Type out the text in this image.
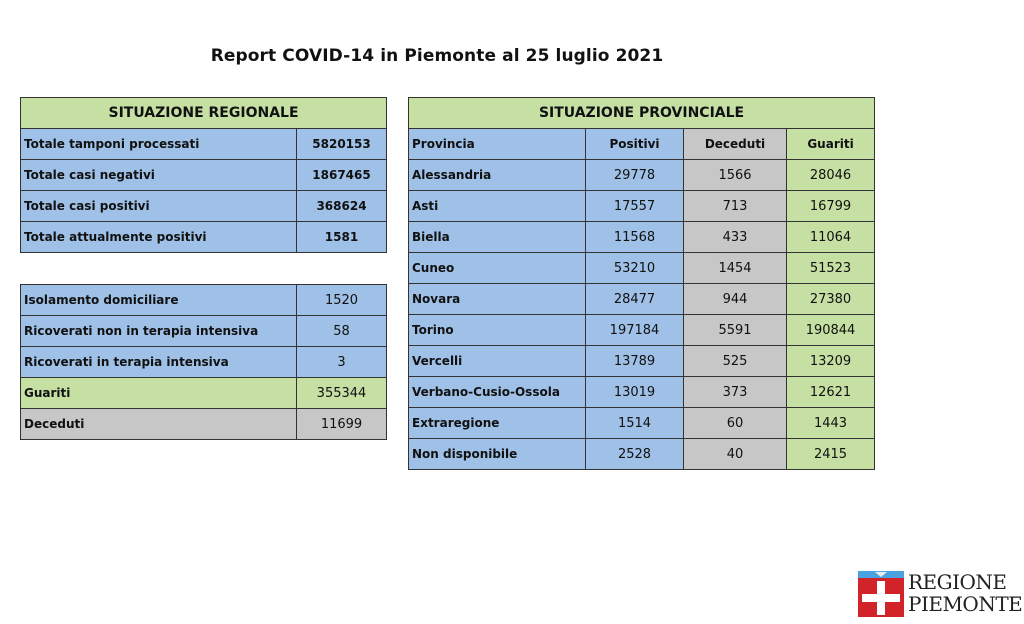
Report COVID-14 in Piemonte al 25 luglio 2021
SITUAZIONE REGIONALE	
Totale tamponi processati	5820153
Totale casi negativi	1867465
Totale casi positivi	368624
Totale attualmente positivi	1581
Isolamento domiciliare	1520
Ricoverati non in terapia intensiva	58
Ricoverati in terapia intensiva	3
Guariti	355344
Deceduti	11699
SITUAZIONE PROVINCIALE			
Provincia	Positivi	Deceduti	Guariti
Alessandria	29778	1566	28046
Asti	17557	713	16799
Biella	11568	433	11064
Cuneo	53210	1454	51523
Novara	28477	944	27380
Torino	197184	5591	190844
Vercelli	13789	525	13209
Verbano-Cusio-Ossola	13019	373	12621
Extraregione	1514	60	1443
Non disponibile	2528	40	2415
REGIONE
PIEMONTE
